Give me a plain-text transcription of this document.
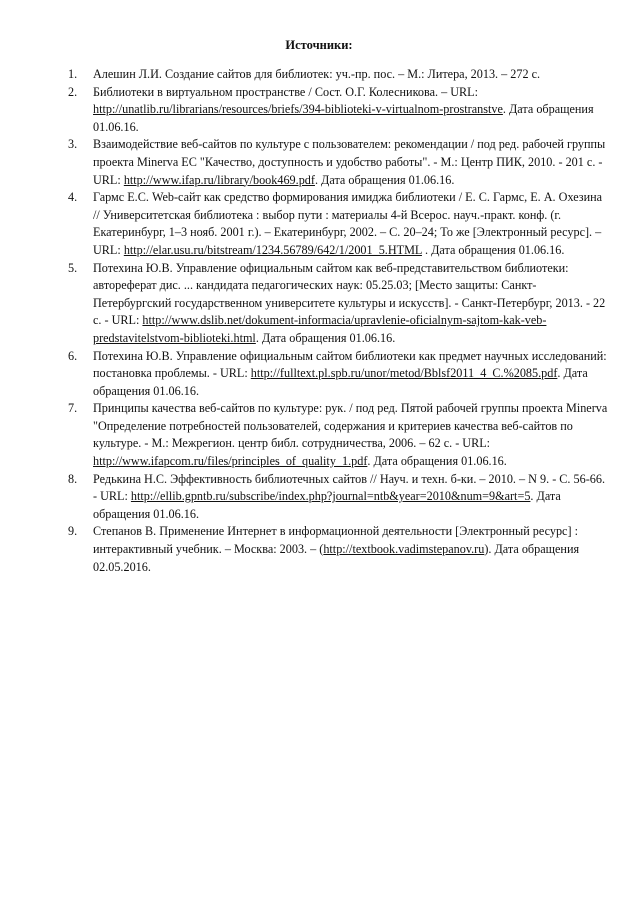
Источники:
1. Алешин Л.И. Создание сайтов для библиотек: уч.-пр. пос. – М.: Литера, 2013. – 272 с.
2. Библиотеки в виртуальном пространстве / Сост. О.Г. Колесникова. – URL: http://unatlib.ru/librarians/resources/briefs/394-biblioteki-v-virtualnom-prostranstve. Дата обращения 01.06.16.
3. Взаимодействие веб-сайтов по культуре с пользователем: рекомендации / под ред. рабочей группы проекта Minerva EC "Качество, доступность и удобство работы". - М.: Центр ПИК, 2010. - 201 с. - URL: http://www.ifap.ru/library/book469.pdf. Дата обращения 01.06.16.
4. Гармс Е.С. Web-сайт как средство формирования имиджа библиотеки / Е. С. Гармс, Е. А. Охезина // Университетская библиотека : выбор пути : материалы 4-й Всерос. науч.-практ. конф. (г. Екатеринбург, 1–3 нояб. 2001 г.). – Екатеринбург, 2002. – С. 20–24; То же [Электронный ресурс]. – URL: http://elar.usu.ru/bitstream/1234.56789/642/1/2001_5.HTML . Дата обращения 01.06.16.
5. Потехина Ю.В. Управление официальным сайтом как веб-представительством библиотеки: автореферат дис. ... кандидата педагогических наук: 05.25.03; [Место защиты: Санкт-Петербургский государственном университете культуры и искусств]. - Санкт-Петербург, 2013. - 22 с. - URL: http://www.dslib.net/dokument-informacia/upravlenie-oficialnym-sajtom-kak-veb-predstavitelstvom-biblioteki.html. Дата обращения 01.06.16.
6. Потехина Ю.В. Управление официальным сайтом библиотеки как предмет научных исследований: постановка проблемы. - URL: http://fulltext.pl.spb.ru/unor/metod/Bblsf2011_4_C.%2085.pdf. Дата обращения 01.06.16.
7. Принципы качества веб-сайтов по культуре: рук. / под ред. Пятой рабочей группы проекта Minerva "Определение потребностей пользователей, содержания и критериев качества веб-сайтов по культуре. - М.: Межрегион. центр библ. сотрудничества, 2006. – 62 с. - URL: http://www.ifapcom.ru/files/principles_of_quality_1.pdf. Дата обращения 01.06.16.
8. Редькина Н.С. Эффективность библиотечных сайтов // Науч. и техн. б-ки. – 2010. – N 9. - С. 56-66. - URL: http://ellib.gpntb.ru/subscribe/index.php?journal=ntb&year=2010&num=9&art=5. Дата обращения 01.06.16.
9. Степанов В. Применение Интернет в информационной деятельности [Электронный ресурс] : интерактивный учебник. – Москва: 2003. – (http://textbook.vadimstepanov.ru). Дата обращения 02.05.2016.
